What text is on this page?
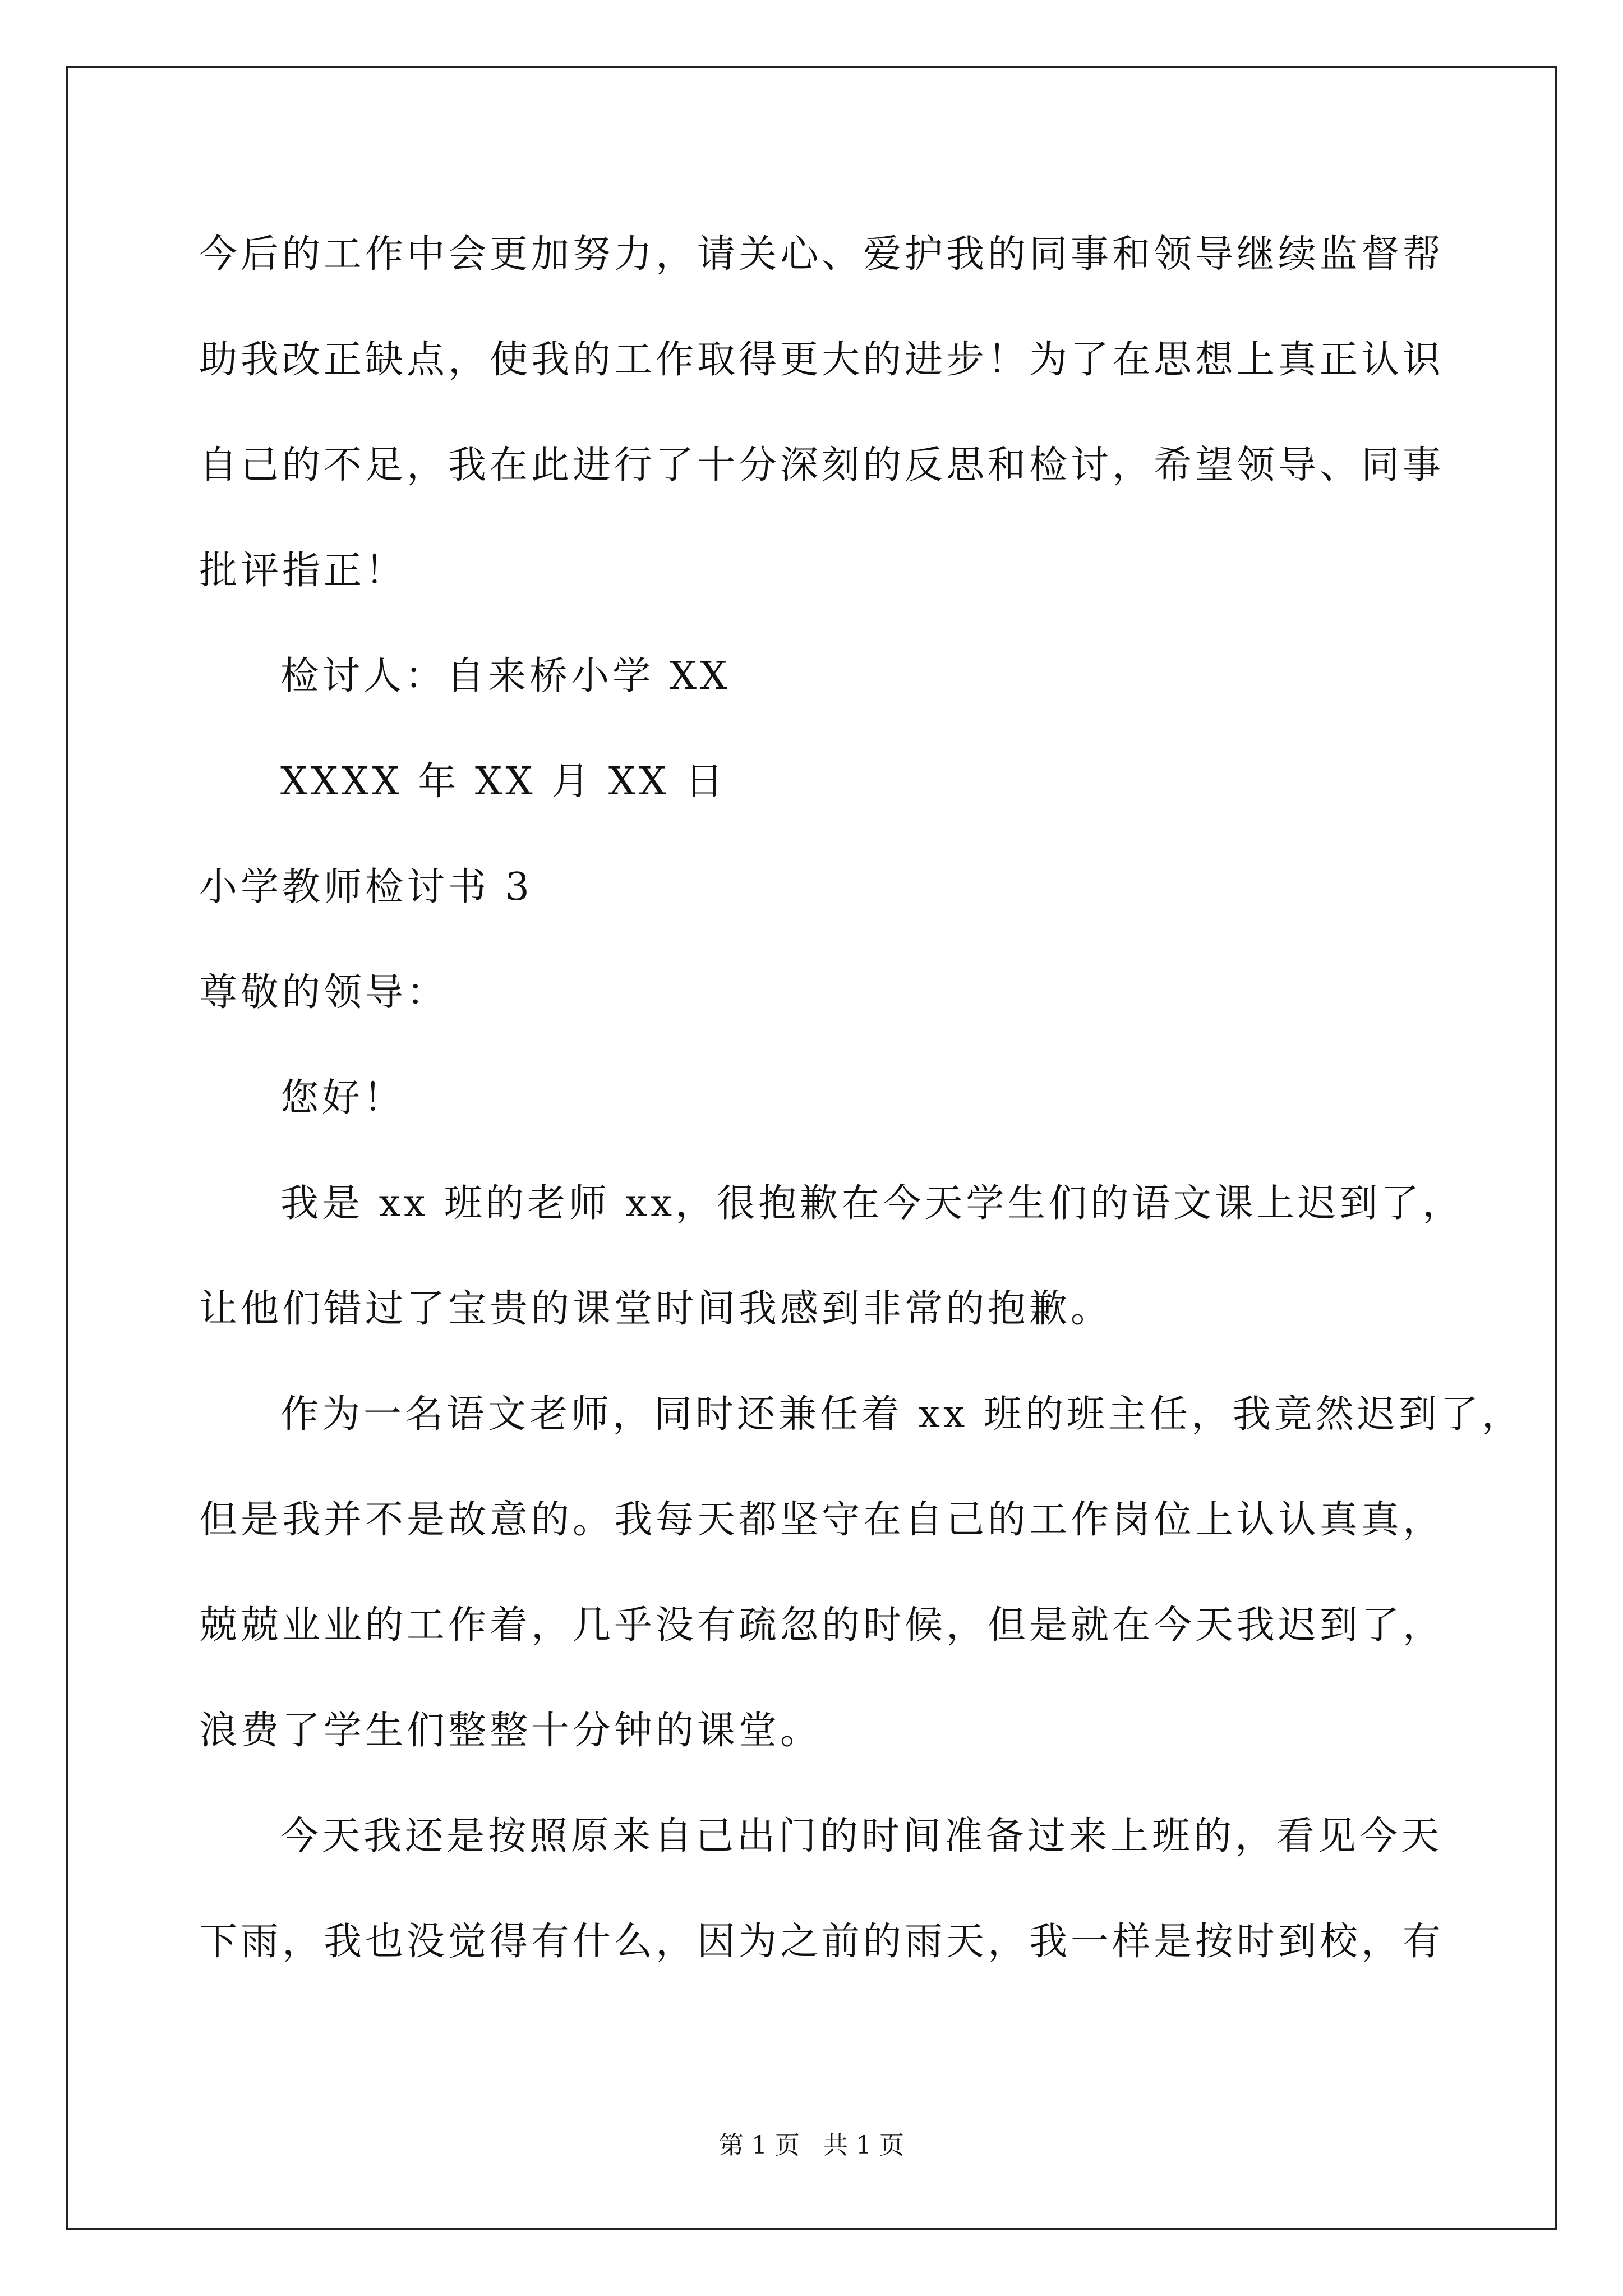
今后的工作中会更加努力，请关心、爱护我的同事和领导继续监督帮
助我改正缺点，使我的工作取得更大的进步！为了在思想上真正认识
自己的不足，我在此进行了十分深刻的反思和检讨，希望领导、同事
批评指正！
检讨人：自来桥小学 XX
XXXX 年 XX 月 XX 日
小学教师检讨书 3
尊敬的领导：
您好！
我是 xx 班的老师 xx，很抱歉在今天学生们的语文课上迟到了，
让他们错过了宝贵的课堂时间我感到非常的抱歉。
作为一名语文老师，同时还兼任着 xx 班的班主任，我竟然迟到了，
但是我并不是故意的。我每天都坚守在自己的工作岗位上认认真真，
兢兢业业的工作着，几乎没有疏忽的时候，但是就在今天我迟到了，
浪费了学生们整整十分钟的课堂。
今天我还是按照原来自己出门的时间准备过来上班的，看见今天
下雨，我也没觉得有什么，因为之前的雨天，我一样是按时到校，有
第 1 页   共 1 页
